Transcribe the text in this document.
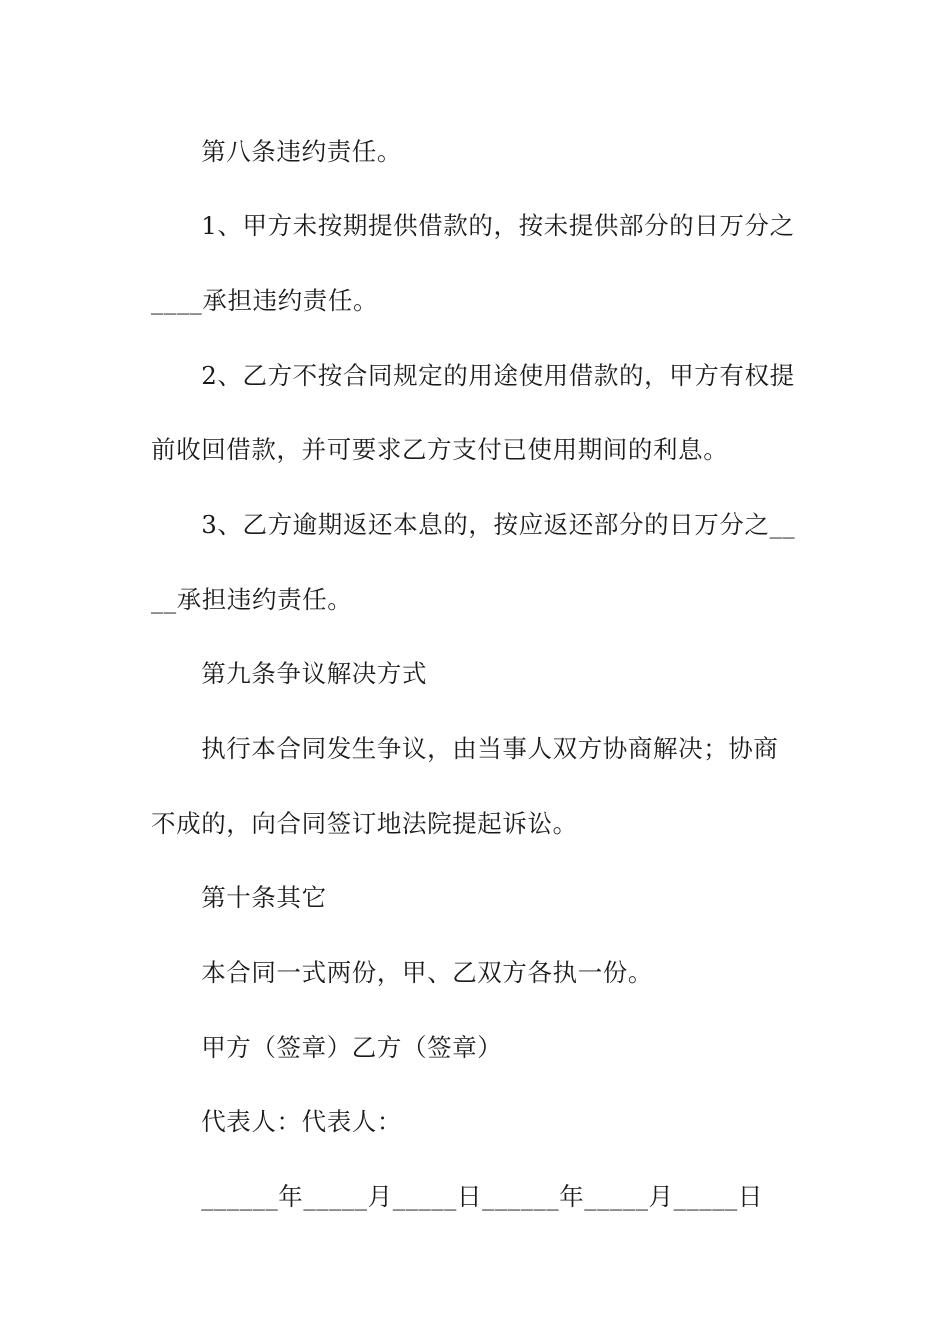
　　第八条违约责任。
　　1、甲方未按期提供借款的，按未提供部分的日万分之
____承担违约责任。
　　2、乙方不按合同规定的用途使用借款的，甲方有权提
前收回借款，并可要求乙方支付已使用期间的利息。
　　3、乙方逾期返还本息的，按应返还部分的日万分之__
__承担违约责任。
　　第九条争议解决方式
　　执行本合同发生争议，由当事人双方协商解决；协商
不成的，向合同签订地法院提起诉讼。
　　第十条其它
　　本合同一式两份，甲、乙双方各执一份。
　　甲方（签章）乙方（签章）
　　代表人：代表人：
　　______年_____月_____日______年_____月_____日
